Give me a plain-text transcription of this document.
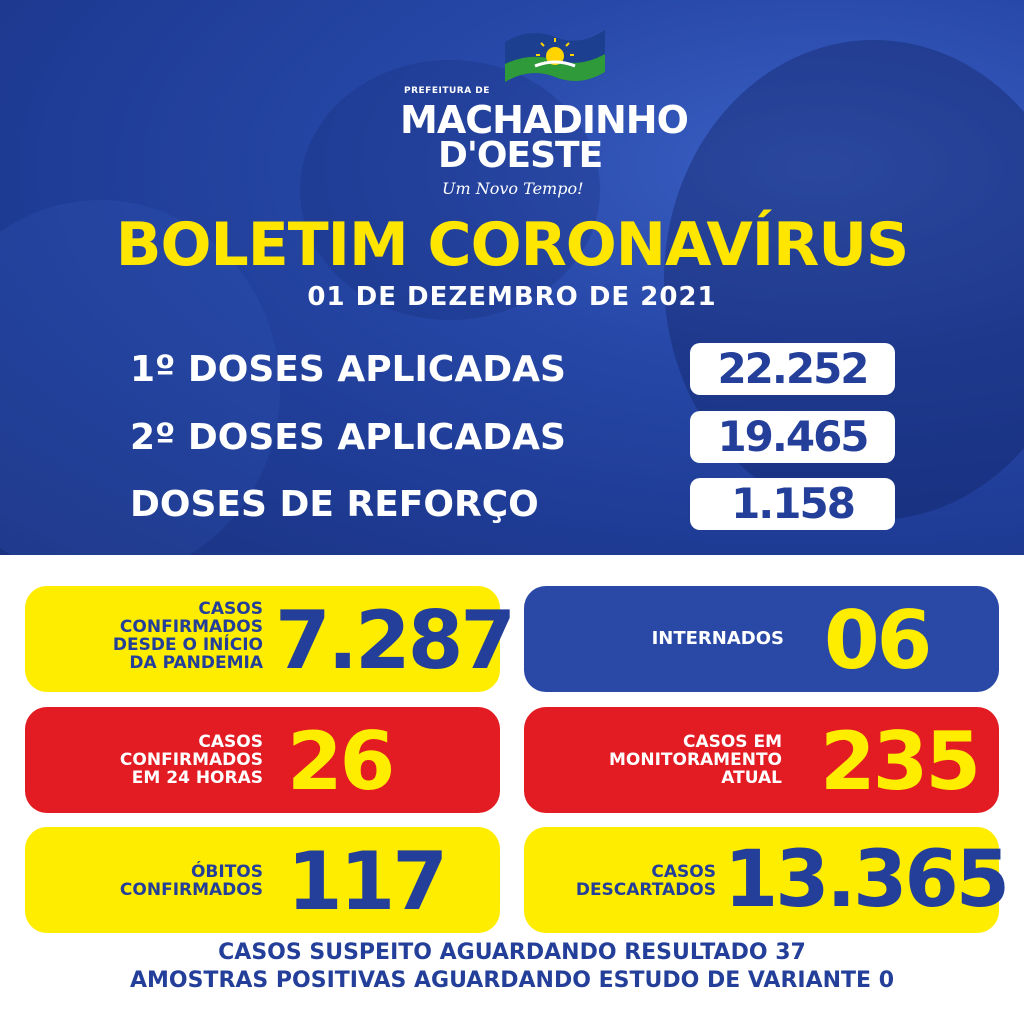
PREFEITURA DE
MACHADINHO
D'OESTE
Um Novo Tempo!
BOLETIM CORONAVÍRUS
01 DE DEZEMBRO DE 2021
1º DOSES APLICADAS	22.252
2º DOSES APLICADAS	19.465
DOSES DE REFORÇO	1.158
CASOS
CONFIRMADOS
DESDE O INÍCIO
DA PANDEMIA 7.287	INTERNADOS 06
CASOS
CONFIRMADOS
EM 24 HORAS 26	CASOS EM
MONITORAMENTO
ATUAL 235
ÓBITOS
CONFIRMADOS 117	CASOS
DESCARTADOS 13.365
CASOS SUSPEITO AGUARDANDO RESULTADO 37
AMOSTRAS POSITIVAS AGUARDANDO ESTUDO DE VARIANTE 0
